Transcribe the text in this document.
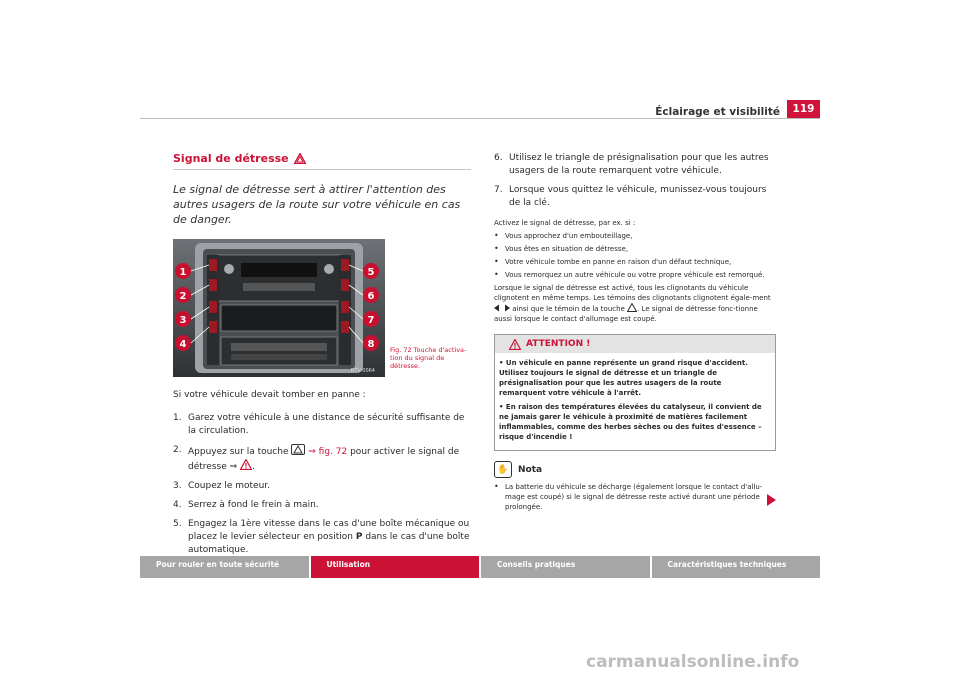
Éclairage et visibilité	119
Signal de détresse

Le signal de détresse sert à attirer l'attention des autres usagers de la route sur votre véhicule en cas de danger.

B7V-0064
1
2
3
4
5
6
7
8 Fig. 72 Touche d'activa-tion du signal de détresse.

Si votre véhicule devait tomber en panne :

1. Garez votre véhicule à une distance de sécurité suffisante de la circulation.
2. Appuyez sur la touche ⇒ fig. 72 pour activer le signal de détresse ⇒ .
3. Coupez le moteur.
4. Serrez à fond le frein à main.
5. Engagez la 1ère vitesse dans le cas d'une boîte mécanique ou placez le levier sélecteur en position P dans le cas d'une boîte automatique.
6. Utilisez le triangle de présignalisation pour que les autres usagers de la route remarquent votre véhicule.
7. Lorsque vous quittez le véhicule, munissez-vous toujours de la clé.

Activez le signal de détresse, par ex. si :

• Vous approchez d'un embouteillage,
• Vous êtes en situation de détresse,
• Votre véhicule tombe en panne en raison d'un défaut technique,
• Vous remorquez un autre véhicule ou votre propre véhicule est remorqué.

Lorsque le signal de détresse est activé, tous les clignotants du véhicule clignotent en même temps. Les témoins des clignotants clignotent égale-ment  ainsi que le témoin de la touche . Le signal de détresse fonc-tionne aussi lorsque le contact d'allumage est coupé.

ATTENTION !
• Un véhicule en panne représente un grand risque d'accident. Utilisez toujours le signal de détresse et un triangle de présignalisation pour que les autres usagers de la route remarquent votre véhicule à l'arrêt.
• En raison des températures élevées du catalyseur, il convient de ne jamais garer le véhicule à proximité de matières facilement inflammables, comme des herbes sèches ou des fuites d'essence – risque d'incendie !
✋	Nota
• La batterie du véhicule se décharge (également lorsque le contact d'allu-mage est coupé) si le signal de détresse reste activé durant une période prolongée.
Pour rouler en toute sécurité	Utilisation	Conseils pratiques	Caractéristiques techniques
carmanualsonline.info
